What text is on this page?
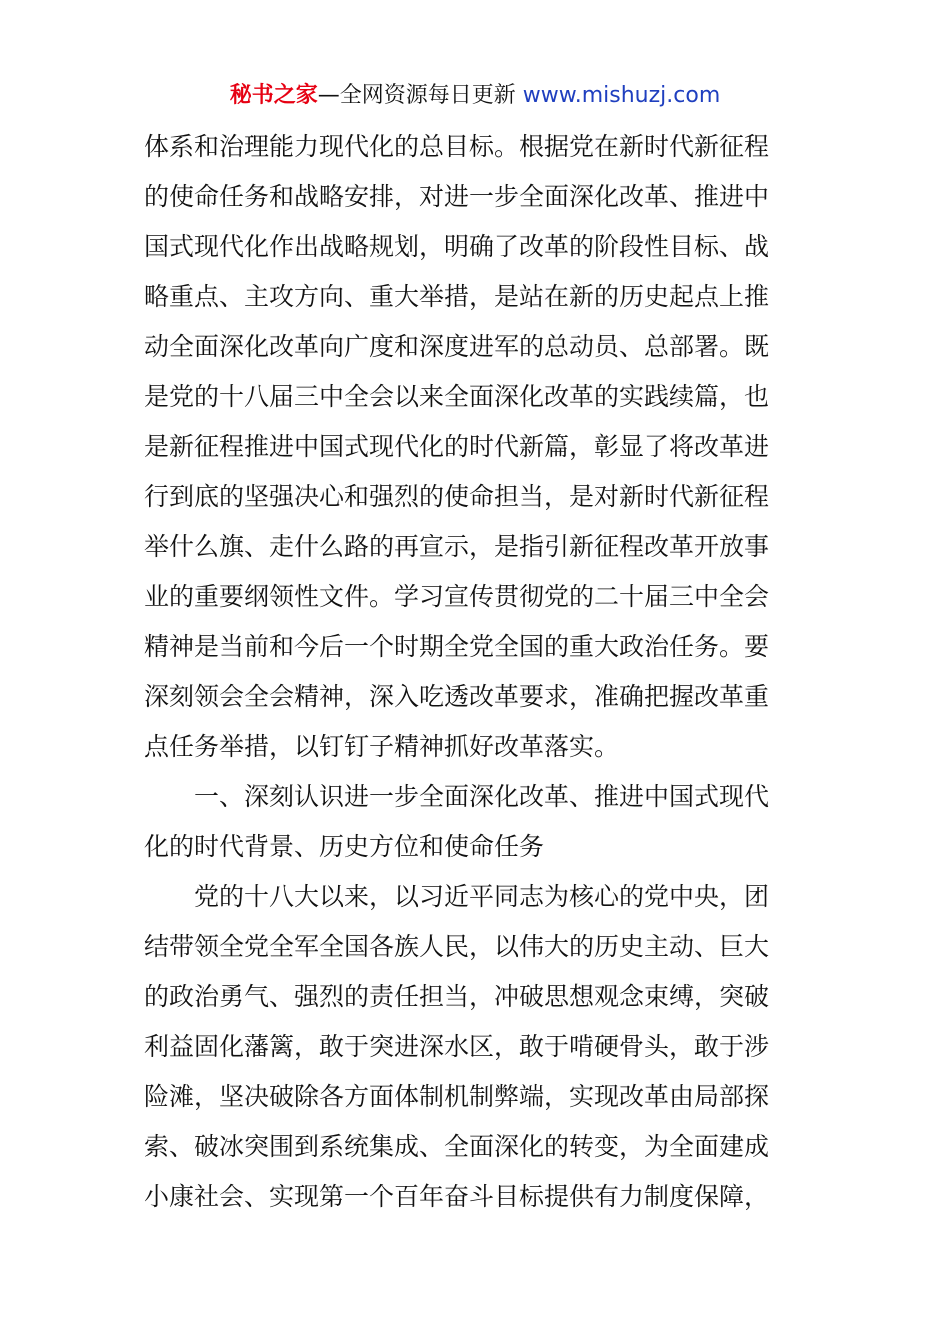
秘书之家—全网资源每日更新 www.mishuzj.com
体系和治理能力现代化的总目标。根据党在新时代新征程
的使命任务和战略安排，对进一步全面深化改革、推进中
国式现代化作出战略规划，明确了改革的阶段性目标、战
略重点、主攻方向、重大举措，是站在新的历史起点上推
动全面深化改革向广度和深度进军的总动员、总部署。既
是党的十八届三中全会以来全面深化改革的实践续篇，也
是新征程推进中国式现代化的时代新篇，彰显了将改革进
行到底的坚强决心和强烈的使命担当，是对新时代新征程
举什么旗、走什么路的再宣示，是指引新征程改革开放事
业的重要纲领性文件。学习宣传贯彻党的二十届三中全会
精神是当前和今后一个时期全党全国的重大政治任务。要
深刻领会全会精神，深入吃透改革要求，准确把握改革重
点任务举措，以钉钉子精神抓好改革落实。
　　一、深刻认识进一步全面深化改革、推进中国式现代
化的时代背景、历史方位和使命任务
　　党的十八大以来，以习近平同志为核心的党中央，团
结带领全党全军全国各族人民，以伟大的历史主动、巨大
的政治勇气、强烈的责任担当，冲破思想观念束缚，突破
利益固化藩篱，敢于突进深水区，敢于啃硬骨头，敢于涉
险滩，坚决破除各方面体制机制弊端，实现改革由局部探
索、破冰突围到系统集成、全面深化的转变，为全面建成
小康社会、实现第一个百年奋斗目标提供有力制度保障，
